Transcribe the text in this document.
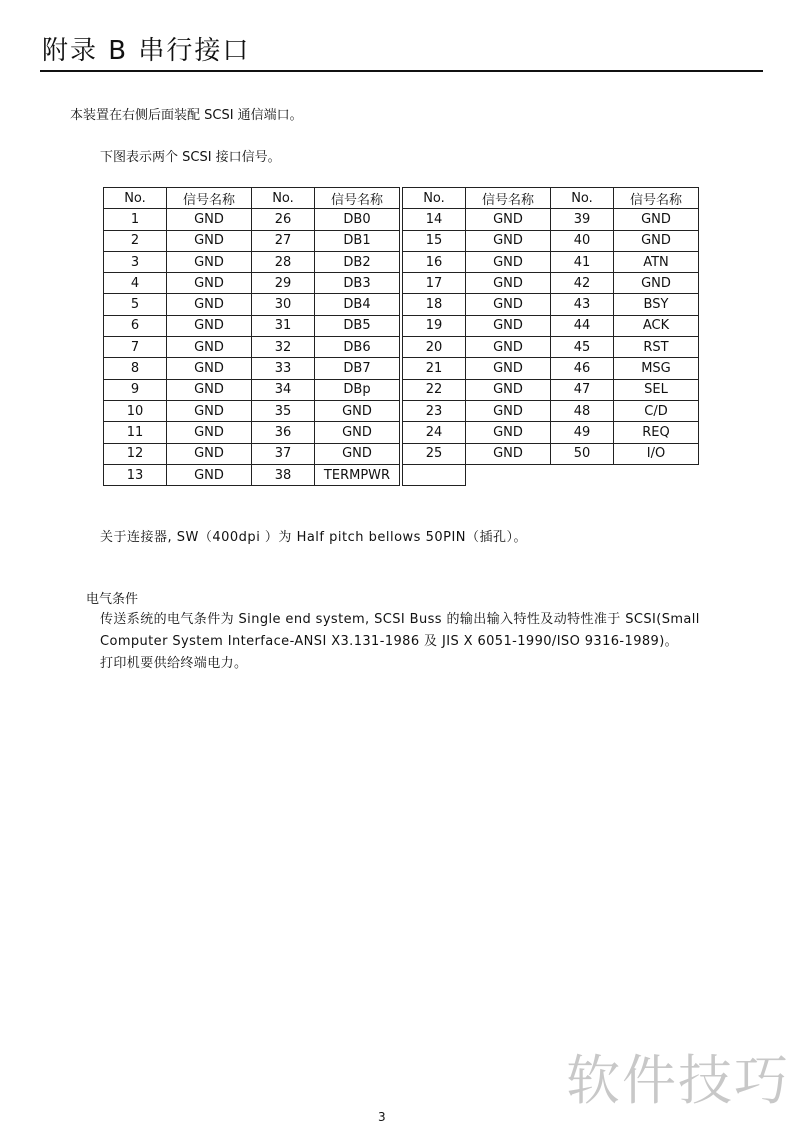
附录 B 串行接口
本装置在右侧后面装配 SCSI 通信端口。
下图表示两个 SCSI 接口信号。
No.	信号名称	No.	信号名称		No.	信号名称	No.	信号名称
1	GND	26	DB0		14	GND	39	GND
2	GND	27	DB1		15	GND	40	GND
3	GND	28	DB2		16	GND	41	ATN
4	GND	29	DB3		17	GND	42	GND
5	GND	30	DB4		18	GND	43	BSY
6	GND	31	DB5		19	GND	44	ACK
7	GND	32	DB6		20	GND	45	RST
8	GND	33	DB7		21	GND	46	MSG
9	GND	34	DBp		22	GND	47	SEL
10	GND	35	GND		23	GND	48	C/D
11	GND	36	GND		24	GND	49	REQ
12	GND	37	GND		25	GND	50	I/O
13	GND	38	TERMPWR					
关于连接器, SW（400dpi ）为 Half pitch bellows 50PIN（插孔）。
电气条件

传送系统的电气条件为 Single end system, SCSI Buss 的输出输入特性及动特性准于 SCSI(Small Computer System Interface-ANSI X3.131-1986 及 JIS X 6051-1990/ISO 9316-1989)。

打印机要供给终端电力。

软件技巧
3
